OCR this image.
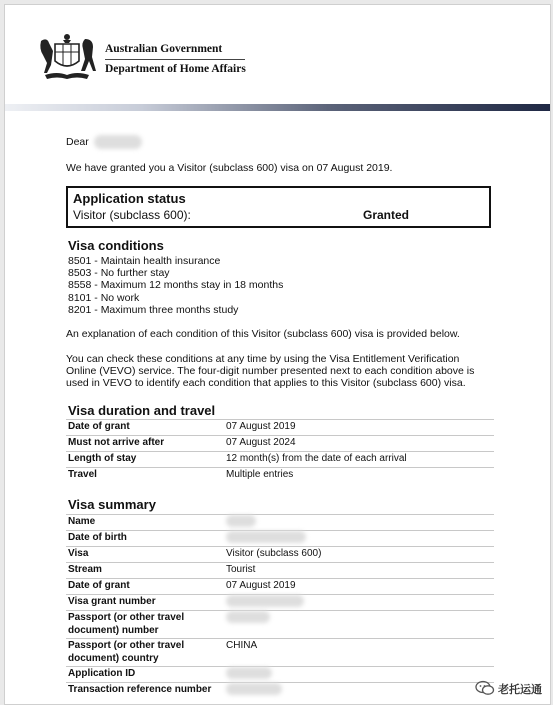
Australian Government
Department of Home Affairs
Dear
We have granted you a Visitor (subclass 600) visa on 07 August 2019.
Application status
Visitor (subclass 600):	Granted
Visa conditions
8501 - Maintain health insurance
8503 - No further stay
8558 - Maximum 12 months stay in 18 months
8101 - No work
8201 - Maximum three months study
An explanation of each condition of this Visitor (subclass 600) visa is provided below.
You can check these conditions at any time by using the Visa Entitlement Verification Online (VEVO) service. The four-digit number presented next to each condition above is used in VEVO to identify each condition that applies to this Visitor (subclass 600) visa.
Visa duration and travel
Date of grant	07 August 2019
Must not arrive after	07 August 2024
Length of stay	12 month(s) from the date of each arrival
Travel	Multiple entries
Visa summary
Name	
Date of birth	
Visa	Visitor (subclass 600)
Stream	Tourist
Date of grant	07 August 2019
Visa grant number	
Passport (or other travel document) number	
Passport (or other travel document) country	CHINA
Application ID	
Transaction reference number		老托运通
